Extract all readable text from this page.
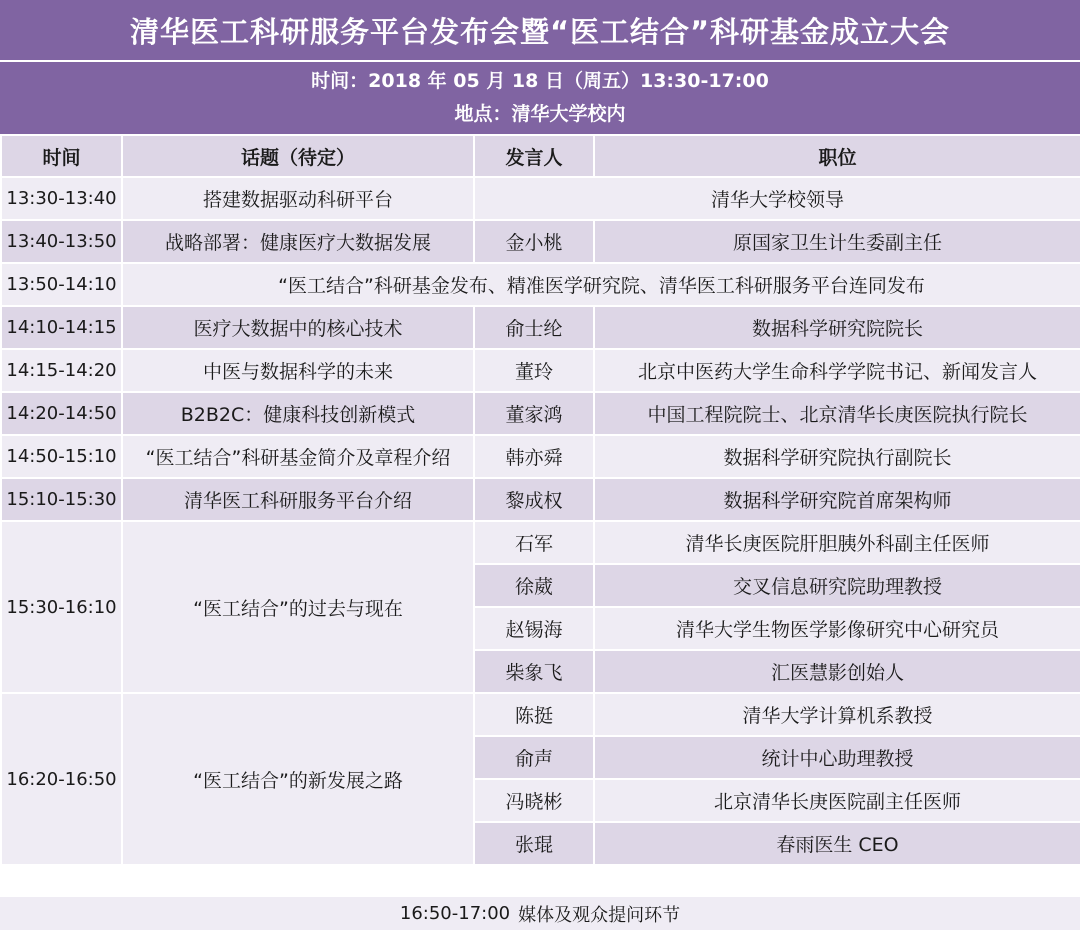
清华医工科研服务平台发布会暨“医工结合”科研基金成立大会
时间：2018 年 05 月 18 日（周五）13:30-17:00
地点：清华大学校内
时间	话题（待定）	发言人	职位
13:30-13:40	搭建数据驱动科研平台	清华大学校领导	
13:40-13:50	战略部署：健康医疗大数据发展	金小桃	原国家卫生计生委副主任
13:50-14:10	“医工结合”科研基金发布、精准医学研究院、清华医工科研服务平台连同发布		
14:10-14:15	医疗大数据中的核心技术	俞士纶	数据科学研究院院长
14:15-14:20	中医与数据科学的未来	董玲	北京中医药大学生命科学学院书记、新闻发言人
14:20-14:50	B2B2C：健康科技创新模式	董家鸿	中国工程院院士、北京清华长庚医院执行院长
14:50-15:10	“医工结合”科研基金简介及章程介绍	韩亦舜	数据科学研究院执行副院长
15:10-15:30	清华医工科研服务平台介绍	黎成权	数据科学研究院首席架构师
15:30-16:10	“医工结合”的过去与现在	石军	清华长庚医院肝胆胰外科副主任医师
		徐葳	交叉信息研究院助理教授
		赵锡海	清华大学生物医学影像研究中心研究员
		柴象飞	汇医慧影创始人
16:20-16:50	“医工结合”的新发展之路	陈挺	清华大学计算机系教授
		俞声	统计中心助理教授
		冯晓彬	北京清华长庚医院副主任医师
		张琨	春雨医生 CEO
16:50-17:00 媒体及观众提问环节
